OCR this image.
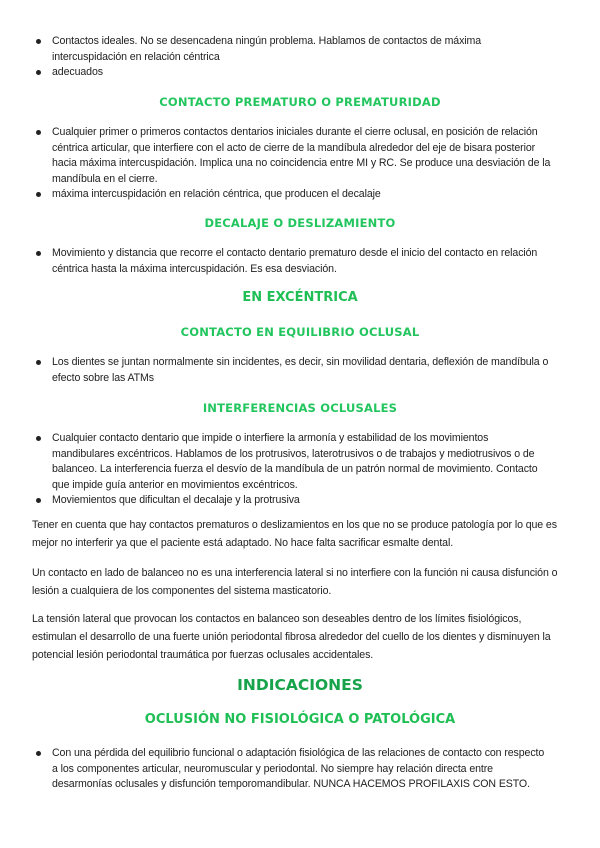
Contactos ideales. No se desencadena ningún problema. Hablamos de contactos de máxima intercuspidación en relación céntrica
adecuados
CONTACTO PREMATURO O PREMATURIDAD
Cualquier primer o primeros contactos dentarios iniciales durante el cierre oclusal, en posición de relación céntrica articular, que interfiere con el acto de cierre de la mandíbula alrededor del eje de bisara posterior hacia máxima intercuspidación. Implica una no coincidencia entre MI y RC. Se produce una desviación de la mandíbula en el cierre.
máxima intercuspidación en relación céntrica, que producen el decalaje
DECALAJE O DESLIZAMIENTO
Movimiento y distancia que recorre el contacto dentario prematuro desde el inicio del contacto en relación céntrica hasta la máxima intercuspidación. Es esa desviación.
EN EXCÉNTRICA
CONTACTO EN EQUILIBRIO OCLUSAL
Los dientes se juntan normalmente sin incidentes, es decir, sin movilidad dentaria, deflexión de mandíbula o efecto sobre las ATMs
INTERFERENCIAS OCLUSALES
Cualquier contacto dentario que impide o interfiere la armonía y estabilidad de los movimientos mandibulares excéntricos. Hablamos de los protrusivos, laterotrusivos o de trabajos y mediotrusivos o de balanceo. La interferencia fuerza el desvío de la mandíbula de un patrón normal de movimiento. Contacto que impide guía anterior en movimientos excéntricos.
Moviemientos que dificultan el decalaje y la protrusiva

Tener en cuenta que hay contactos prematuros o deslizamientos en los que no se produce patología por lo que es mejor no interferir ya que el paciente está adaptado. No hace falta sacrificar esmalte dental.

Un contacto en lado de balanceo no es una interferencia lateral si no interfiere con la función ni causa disfunción o lesión a cualquiera de los componentes del sistema masticatorio.

La tensión lateral que provocan los contactos en balanceo son deseables dentro de los límites fisiológicos, estimulan el desarrollo de una fuerte unión periodontal fibrosa alrededor del cuello de los dientes y disminuyen la potencial lesión periodontal traumática por fuerzas oclusales accidentales.

INDICACIONES
OCLUSIÓN NO FISIOLÓGICA O PATOLÓGICA
Con una pérdida del equilibrio funcional o adaptación fisiológica de las relaciones de contacto con respecto a los componentes articular, neuromuscular y periodontal. No siempre hay relación directa entre desarmonías oclusales y disfunción temporomandibular. NUNCA HACEMOS PROFILAXIS CON ESTO.
